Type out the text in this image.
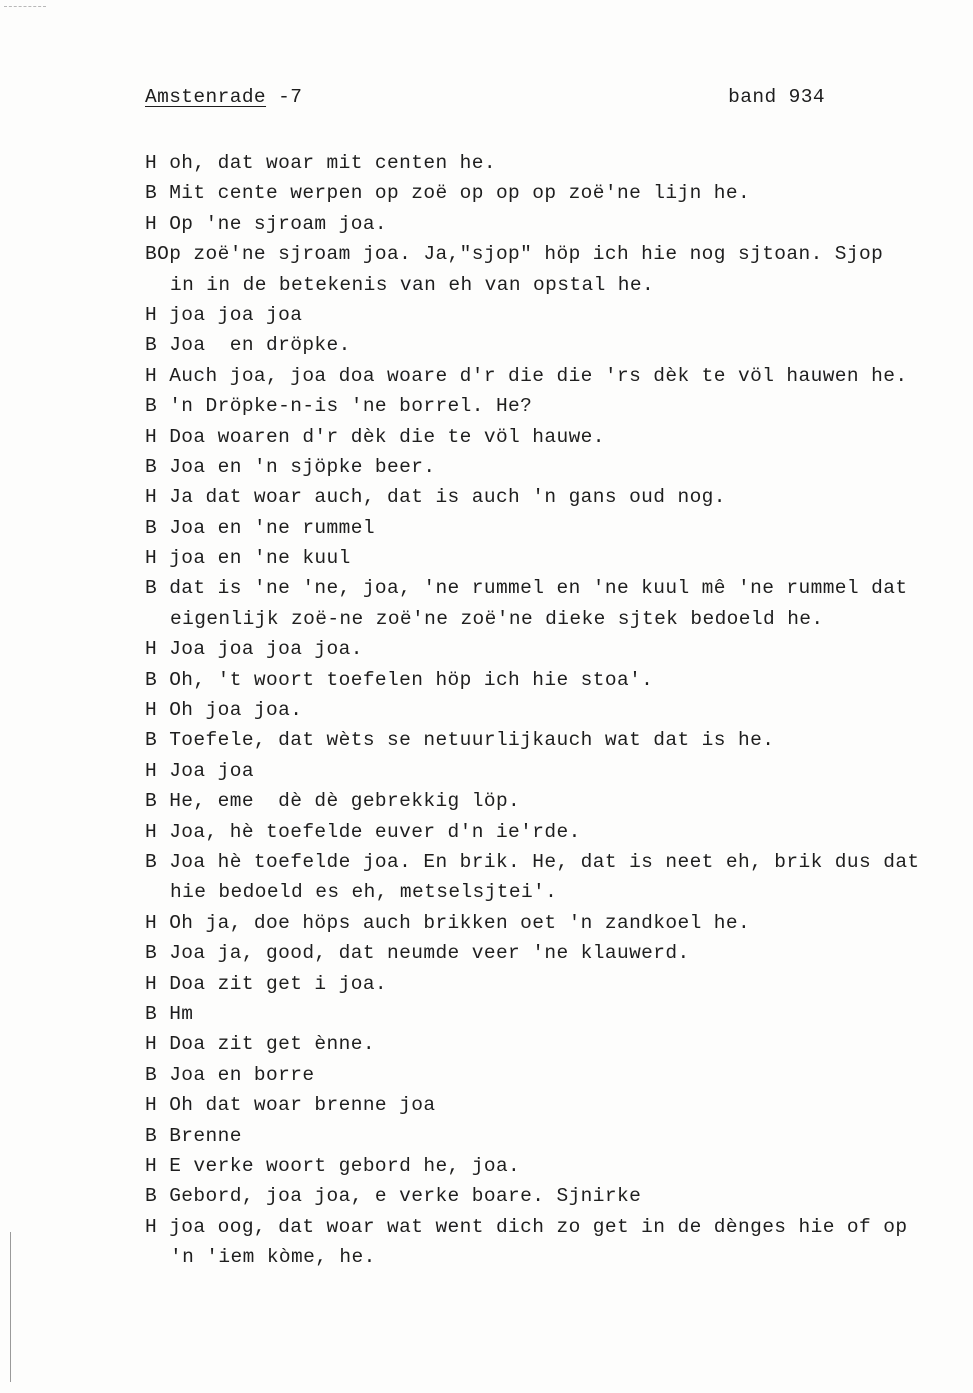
Amstenrade -7	band 934
H oh, dat woar mit centen he.
B Mit cente werpen op zoë op op op zoë'ne lijn he.
H Op 'ne sjroam joa.
BOp zoë'ne sjroam joa. Ja,"sjop" höp ich hie nog sjtoan. Sjop
in in de betekenis van eh van opstal he.
H joa joa joa
B Joa  en dröpke.
H Auch joa, joa doa woare d'r die die 'rs dèk te völ hauwen he.
B 'n Dröpke-n-is 'ne borrel. He?
H Doa woaren d'r dèk die te völ hauwe.
B Joa en 'n sjöpke beer.
H Ja dat woar auch, dat is auch 'n gans oud nog.
B Joa en 'ne rummel
H joa en 'ne kuul
B dat is 'ne 'ne, joa, 'ne rummel en 'ne kuul mê 'ne rummel dat
eigenlijk zoë-ne zoë'ne zoë'ne dieke sjtek bedoeld he.
H Joa joa joa joa.
B Oh, 't woort toefelen höp ich hie stoa'.
H Oh joa joa.
B Toefele, dat wèts se netuurlijkauch wat dat is he.
H Joa joa
B He, eme  dè dè gebrekkig löp.
H Joa, hè toefelde euver d'n ie'rde.
B Joa hè toefelde joa. En brik. He, dat is neet eh, brik dus dat
hie bedoeld es eh, metselsjtei'.
H Oh ja, doe höps auch brikken oet 'n zandkoel he.
B Joa ja, good, dat neumde veer 'ne klauwerd.
H Doa zit get i joa.
B Hm
H Doa zit get ènne.
B Joa en borre
H Oh dat woar brenne joa
B Brenne
H E verke woort gebord he, joa.
B Gebord, joa joa, e verke boare. Sjnirke
H joa oog, dat woar wat went dich zo get in de dènges hie of op
'n 'iem kòme, he.
